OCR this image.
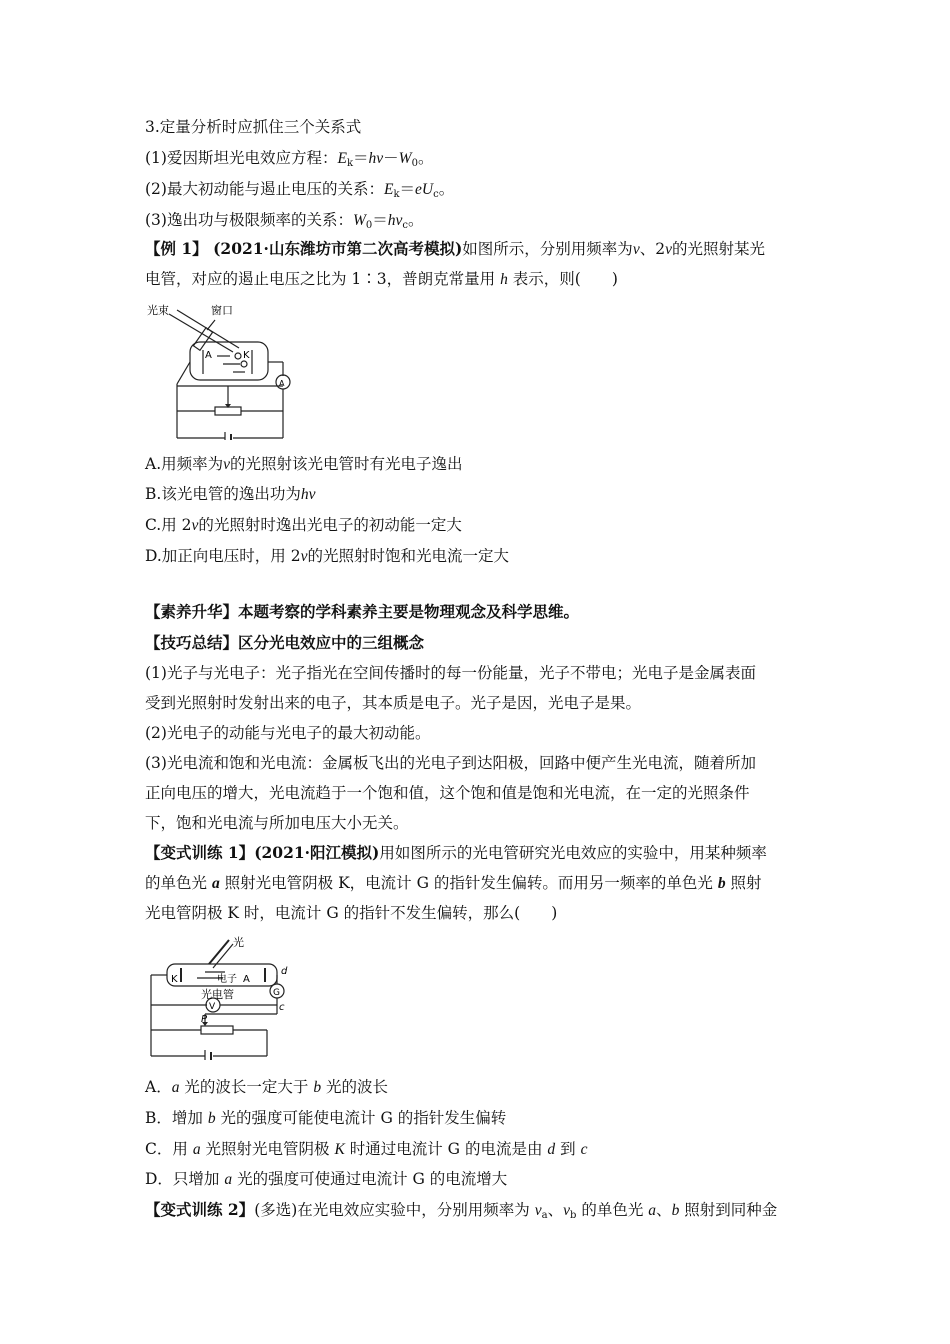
3.定量分析时应抓住三个关系式
(1)爱因斯坦光电效应方程：$E_k=h\nu-W_0$。
(2)最大初动能与遏止电压的关系：$E_k=eU_c$。
(3)逸出功与极限频率的关系：$W_0=h\nu_c$。
【例 1】 (2021·山东潍坊市第二次高考模拟)如图所示，分别用频率为ν、2ν的光照射某光
电管，对应的遏止电压之比为 1∶3，普朗克常量用 h 表示，则(　　)
光束	窗口
A	K
A
A.用频率为ν的光照射该光电管时有光电子逸出
B.该光电管的逸出功为hν
C.用 2ν的光照射时逸出光电子的初动能一定大
D.加正向电压时，用 2ν的光照射时饱和光电流一定大
【素养升华】本题考察的学科素养主要是物理观念及科学思维。
【技巧总结】区分光电效应中的三组概念
(1)光子与光电子：光子指光在空间传播时的每一份能量，光子不带电；光电子是金属表面
受到光照射时发射出来的电子，其本质是电子。光子是因，光电子是果。
(2)光电子的动能与光电子的最大初动能。
(3)光电流和饱和光电流：金属板飞出的光电子到达阳极，回路中便产生光电流，随着所加
正向电压的增大，光电流趋于一个饱和值，这个饱和值是饱和光电流，在一定的光照条件
下，饱和光电流与所加电压大小无关。
【变式训练 1】(2021·阳江模拟)用如图所示的光电管研究光电效应的实验中，用某种频率
的单色光 a 照射光电管阴极 K，电流计 G 的指针发生偏转。而用另一频率的单色光 b 照射
光电管阴极 K 时，电流计 G 的指针不发生偏转，那么(　　)
光
K	电子 A
光电管
d
G
V	c
P
A．a 光的波长一定大于 b 光的波长
B．增加 b 光的强度可能使电流计 G 的指针发生偏转
C．用 a 光照射光电管阴极 K 时通过电流计 G 的电流是由 d 到 c
D．只增加 a 光的强度可使通过电流计 G 的电流增大
【变式训练 2】(多选)在光电效应实验中，分别用频率为 $\nu_a$、$\nu_b$ 的单色光 a、b 照射到同种金
